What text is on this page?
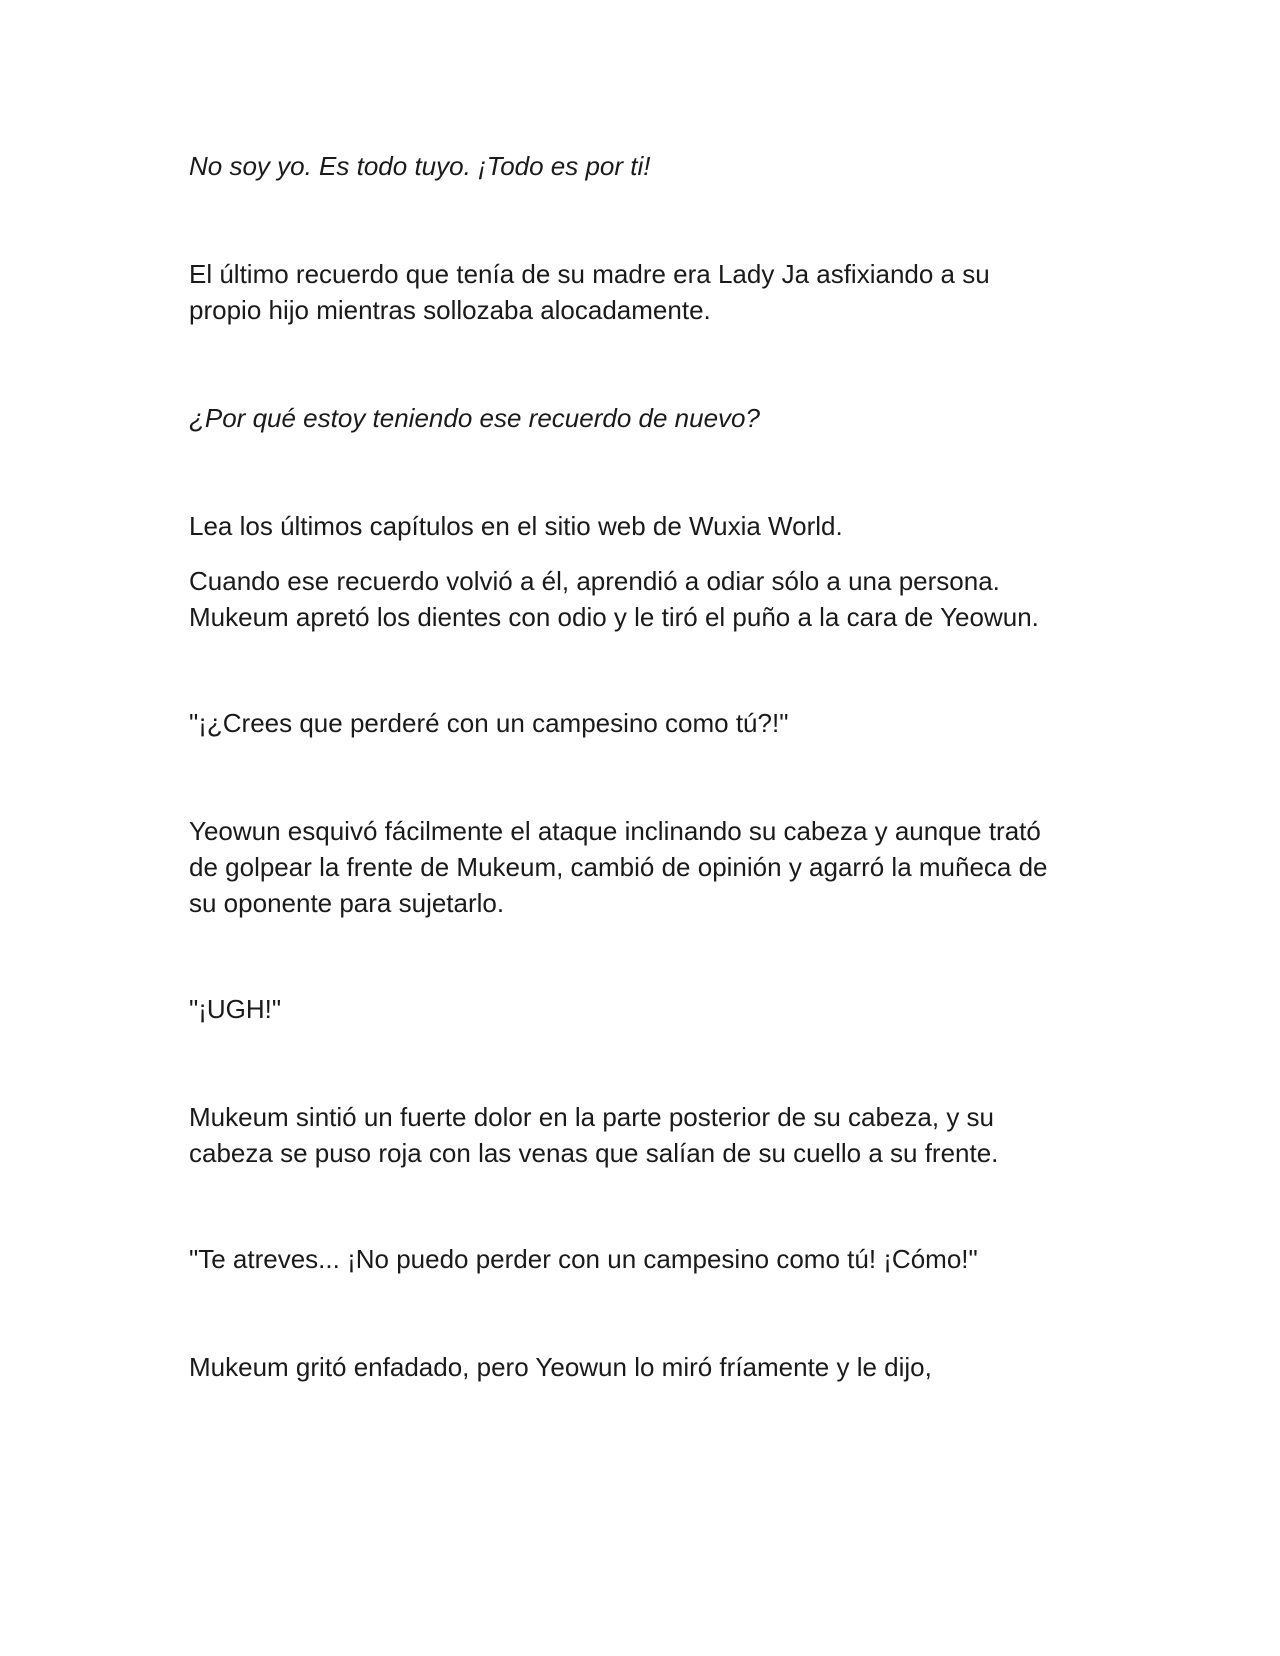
No soy yo. Es todo tuyo. ¡Todo es por ti!

El último recuerdo que tenía de su madre era Lady Ja asfixiando a su
propio hijo mientras sollozaba alocadamente.

¿Por qué estoy teniendo ese recuerdo de nuevo?

Lea los últimos capítulos en el sitio web de Wuxia World.

Cuando ese recuerdo volvió a él, aprendió a odiar sólo a una persona.
Mukeum apretó los dientes con odio y le tiró el puño a la cara de Yeowun.

"¡¿Crees que perderé con un campesino como tú?!"

Yeowun esquivó fácilmente el ataque inclinando su cabeza y aunque trató
de golpear la frente de Mukeum, cambió de opinión y agarró la muñeca de
su oponente para sujetarlo.

"¡UGH!"

Mukeum sintió un fuerte dolor en la parte posterior de su cabeza, y su
cabeza se puso roja con las venas que salían de su cuello a su frente.

"Te atreves... ¡No puedo perder con un campesino como tú! ¡Cómo!"

Mukeum gritó enfadado, pero Yeowun lo miró fríamente y le dijo,
